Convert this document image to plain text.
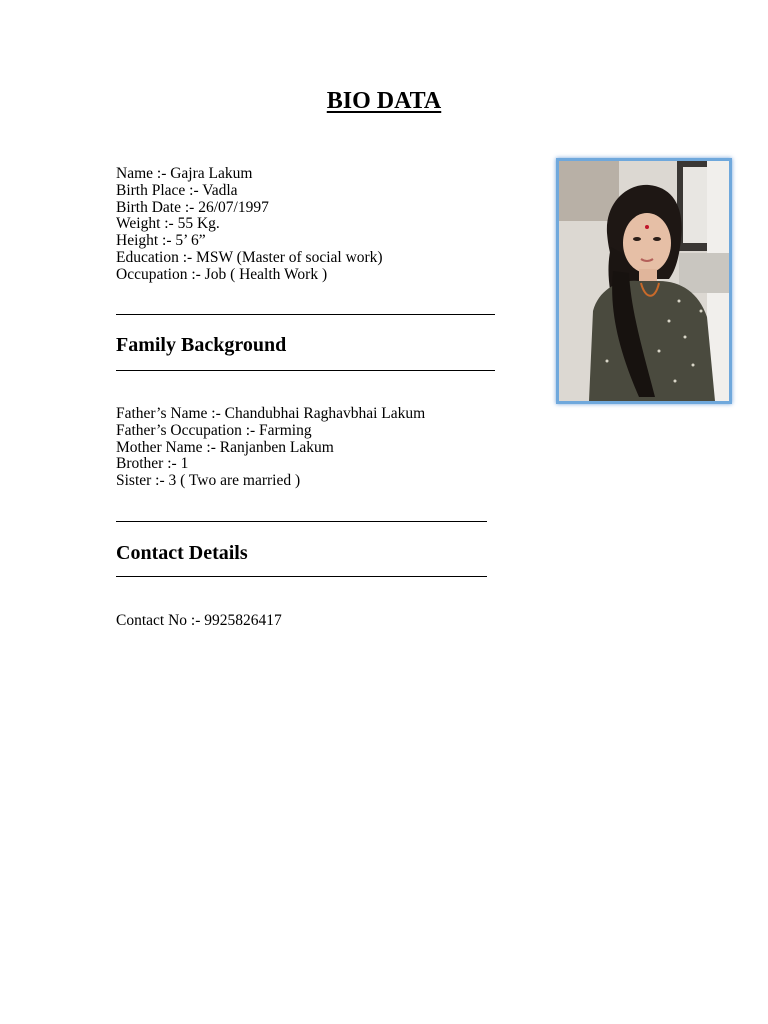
BIO DATA
Name :- Gajra Lakum
Birth Place :- Vadla
Birth Date :- 26/07/1997
Weight :- 55 Kg.
Height :- 5’ 6”
Education :- MSW (Master of social work)
Occupation :- Job ( Health Work )
Family Background
Father’s Name :- Chandubhai Raghavbhai Lakum
Father’s Occupation :- Farming
Mother Name :- Ranjanben Lakum
Brother :- 1
Sister :- 3 ( Two are married )
Contact Details
Contact No :- 9925826417
